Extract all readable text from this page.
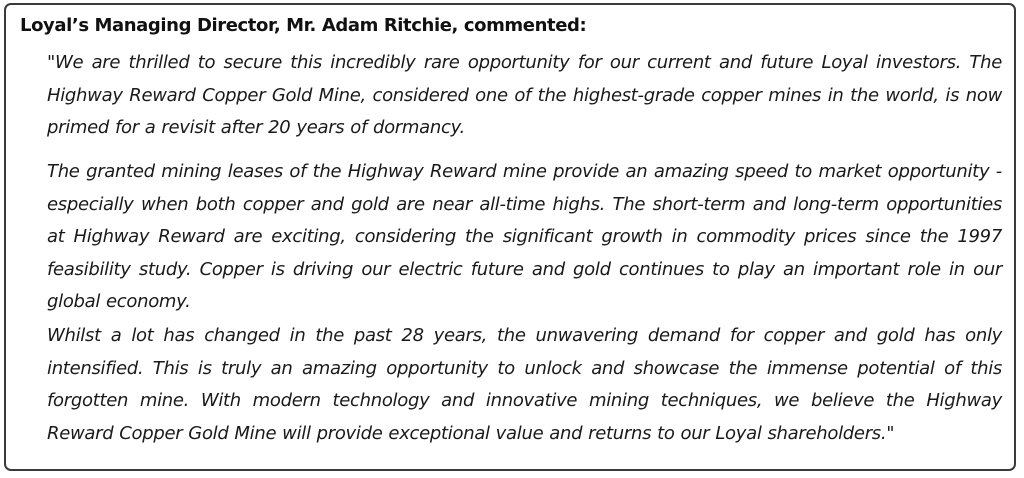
Loyal’s Managing Director, Mr. Adam Ritchie, commented:

"We are thrilled to secure this incredibly rare opportunity for our current and future Loyal investors. The Highway Reward Copper Gold Mine, considered one of the highest-grade copper mines in the world, is now primed for a revisit after 20 years of dormancy.

The granted mining leases of the Highway Reward mine provide an amazing speed to market opportunity - especially when both copper and gold are near all-time highs. The short-term and long-term opportunities at Highway Reward are exciting, considering the significant growth in commodity prices since the 1997 feasibility study. Copper is driving our electric future and gold continues to play an important role in our global economy.

Whilst a lot has changed in the past 28 years, the unwavering demand for copper and gold has only intensified. This is truly an amazing opportunity to unlock and showcase the immense potential of this forgotten mine. With modern technology and innovative mining techniques, we believe the Highway Reward Copper Gold Mine will provide exceptional value and returns to our Loyal shareholders."
